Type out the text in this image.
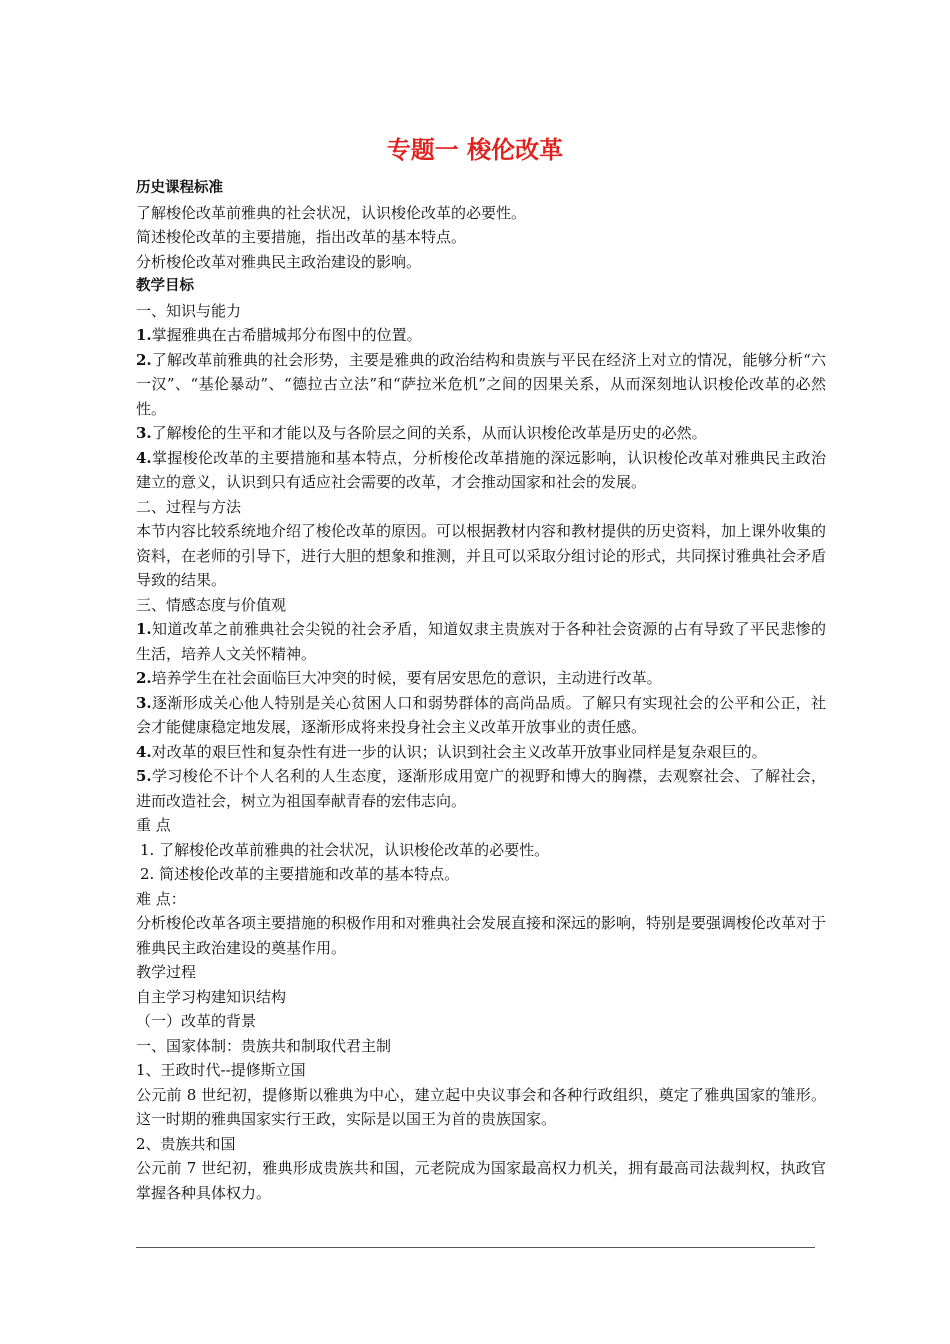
专题一 梭伦改革

历史课程标准

了解梭伦改革前雅典的社会状况，认识梭伦改革的必要性。

简述梭伦改革的主要措施，指出改革的基本特点。

分析梭伦改革对雅典民主政治建设的影响。

教学目标

一、知识与能力

1.掌握雅典在古希腊城邦分布图中的位置。

2.了解改革前雅典的社会形势，主要是雅典的政治结构和贵族与平民在经济上对立的情况，能够分析“六一汉”、“基伦暴动”、“德拉古立法”和“萨拉米危机”之间的因果关系，从而深刻地认识梭伦改革的必然性。

3.了解梭伦的生平和才能以及与各阶层之间的关系，从而认识梭伦改革是历史的必然。

4.掌握梭伦改革的主要措施和基本特点，分析梭伦改革措施的深远影响，认识梭伦改革对雅典民主政治建立的意义，认识到只有适应社会需要的改革，才会推动国家和社会的发展。

二、过程与方法

本节内容比较系统地介绍了梭伦改革的原因。可以根据教材内容和教材提供的历史资料，加上课外收集的资料，在老师的引导下，进行大胆的想象和推测，并且可以采取分组讨论的形式，共同探讨雅典社会矛盾导致的结果。

三、情感态度与价值观

1.知道改革之前雅典社会尖锐的社会矛盾，知道奴隶主贵族对于各种社会资源的占有导致了平民悲惨的生活，培养人文关怀精神。

2.培养学生在社会面临巨大冲突的时候，要有居安思危的意识，主动进行改革。

3.逐渐形成关心他人特别是关心贫困人口和弱势群体的高尚品质。了解只有实现社会的公平和公正，社会才能健康稳定地发展，逐渐形成将来投身社会主义改革开放事业的责任感。

4.对改革的艰巨性和复杂性有进一步的认识；认识到社会主义改革开放事业同样是复杂艰巨的。

5.学习梭伦不计个人名利的人生态度，逐渐形成用宽广的视野和博大的胸襟，去观察社会、了解社会，进而改造社会，树立为祖国奉献青春的宏伟志向。

重 点

1. 了解梭伦改革前雅典的社会状况，认识梭伦改革的必要性。

2. 简述梭伦改革的主要措施和改革的基本特点。

难 点：

分析梭伦改革各项主要措施的积极作用和对雅典社会发展直接和深远的影响，特别是要强调梭伦改革对于雅典民主政治建设的奠基作用。

教学过程

自主学习构建知识结构

（一）改革的背景

一、国家体制：贵族共和制取代君主制

1、王政时代--提修斯立国

公元前 8 世纪初，提修斯以雅典为中心，建立起中央议事会和各种行政组织，奠定了雅典国家的雏形。这一时期的雅典国家实行王政，实际是以国王为首的贵族国家。

2、贵族共和国

公元前 7 世纪初，雅典形成贵族共和国，元老院成为国家最高权力机关，拥有最高司法裁判权，执政官掌握各种具体权力。
